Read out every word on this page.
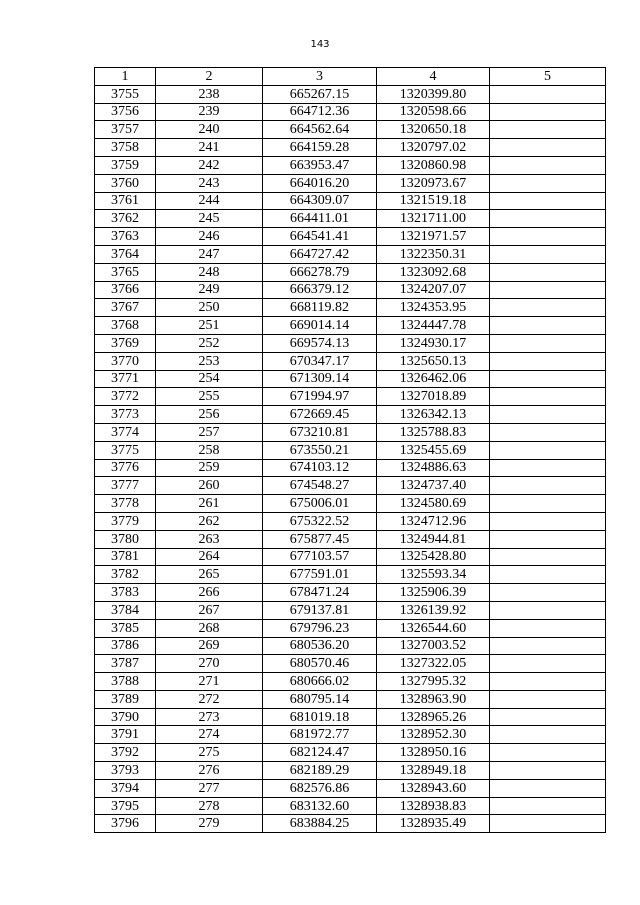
143
1	2	3	4	5
3755	238	665267.15	1320399.80	
3756	239	664712.36	1320598.66	
3757	240	664562.64	1320650.18	
3758	241	664159.28	1320797.02	
3759	242	663953.47	1320860.98	
3760	243	664016.20	1320973.67	
3761	244	664309.07	1321519.18	
3762	245	664411.01	1321711.00	
3763	246	664541.41	1321971.57	
3764	247	664727.42	1322350.31	
3765	248	666278.79	1323092.68	
3766	249	666379.12	1324207.07	
3767	250	668119.82	1324353.95	
3768	251	669014.14	1324447.78	
3769	252	669574.13	1324930.17	
3770	253	670347.17	1325650.13	
3771	254	671309.14	1326462.06	
3772	255	671994.97	1327018.89	
3773	256	672669.45	1326342.13	
3774	257	673210.81	1325788.83	
3775	258	673550.21	1325455.69	
3776	259	674103.12	1324886.63	
3777	260	674548.27	1324737.40	
3778	261	675006.01	1324580.69	
3779	262	675322.52	1324712.96	
3780	263	675877.45	1324944.81	
3781	264	677103.57	1325428.80	
3782	265	677591.01	1325593.34	
3783	266	678471.24	1325906.39	
3784	267	679137.81	1326139.92	
3785	268	679796.23	1326544.60	
3786	269	680536.20	1327003.52	
3787	270	680570.46	1327322.05	
3788	271	680666.02	1327995.32	
3789	272	680795.14	1328963.90	
3790	273	681019.18	1328965.26	
3791	274	681972.77	1328952.30	
3792	275	682124.47	1328950.16	
3793	276	682189.29	1328949.18	
3794	277	682576.86	1328943.60	
3795	278	683132.60	1328938.83	
3796	279	683884.25	1328935.49	
